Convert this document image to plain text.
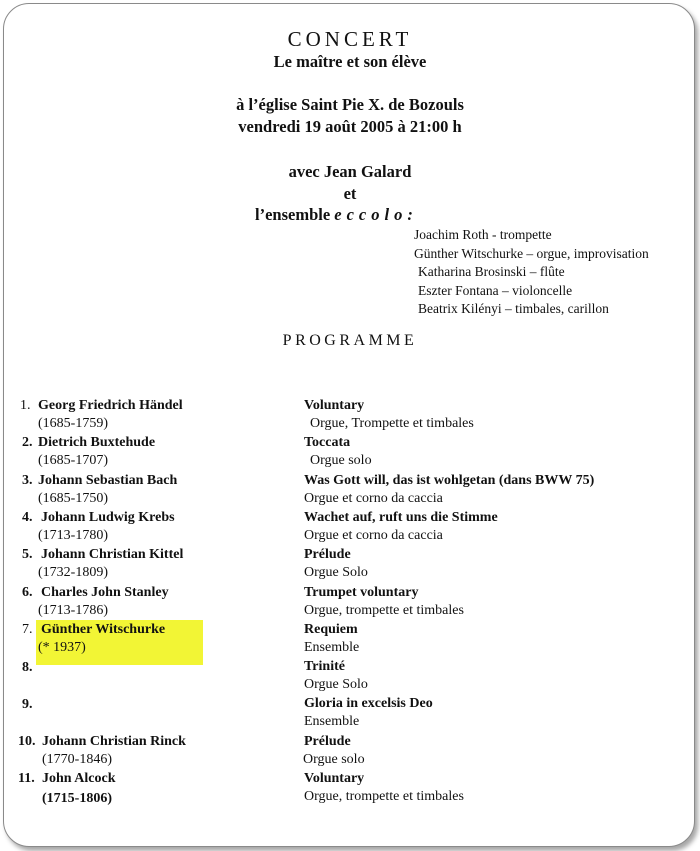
CONCERT
Le maître et son élève
à l’église Saint Pie X. de Bozouls
vendredi 19 août 2005 à 21:00 h
avec Jean Galard
et
l’ensemble eccolo:
Joachim Roth - trompette
Günther Witschurke – orgue, improvisation
Katharina Brosinski – flûte
Eszter Fontana – violoncelle
Beatrix Kilényi – timbales, carillon
PROGRAMME
1. Georg Friedrich Händel
(1685-1759)
Voluntary
Orgue, Trompette et timbales
2. Dietrich Buxtehude
(1685-1707)
Toccata
Orgue solo
3. Johann Sebastian Bach
(1685-1750)
Was Gott will, das ist wohlgetan (dans BWW 75)
Orgue et corno da caccia
4. Johann Ludwig Krebs
(1713-1780)
Wachet auf, ruft uns die Stimme
Orgue et corno da caccia
5. Johann Christian Kittel
(1732-1809)
Prélude
Orgue Solo
6. Charles John Stanley
(1713-1786)
Trumpet voluntary
Orgue, trompette et timbales
7. Günther Witschurke
(* 1937)
Requiem
Ensemble
8.	Trinité
Orgue Solo
9.	Gloria in excelsis Deo
Ensemble
10. Johann Christian Rinck
(1770-1846)
Prélude
Orgue solo
11. John Alcock
(1715-1806)
Voluntary
Orgue, trompette et timbales
